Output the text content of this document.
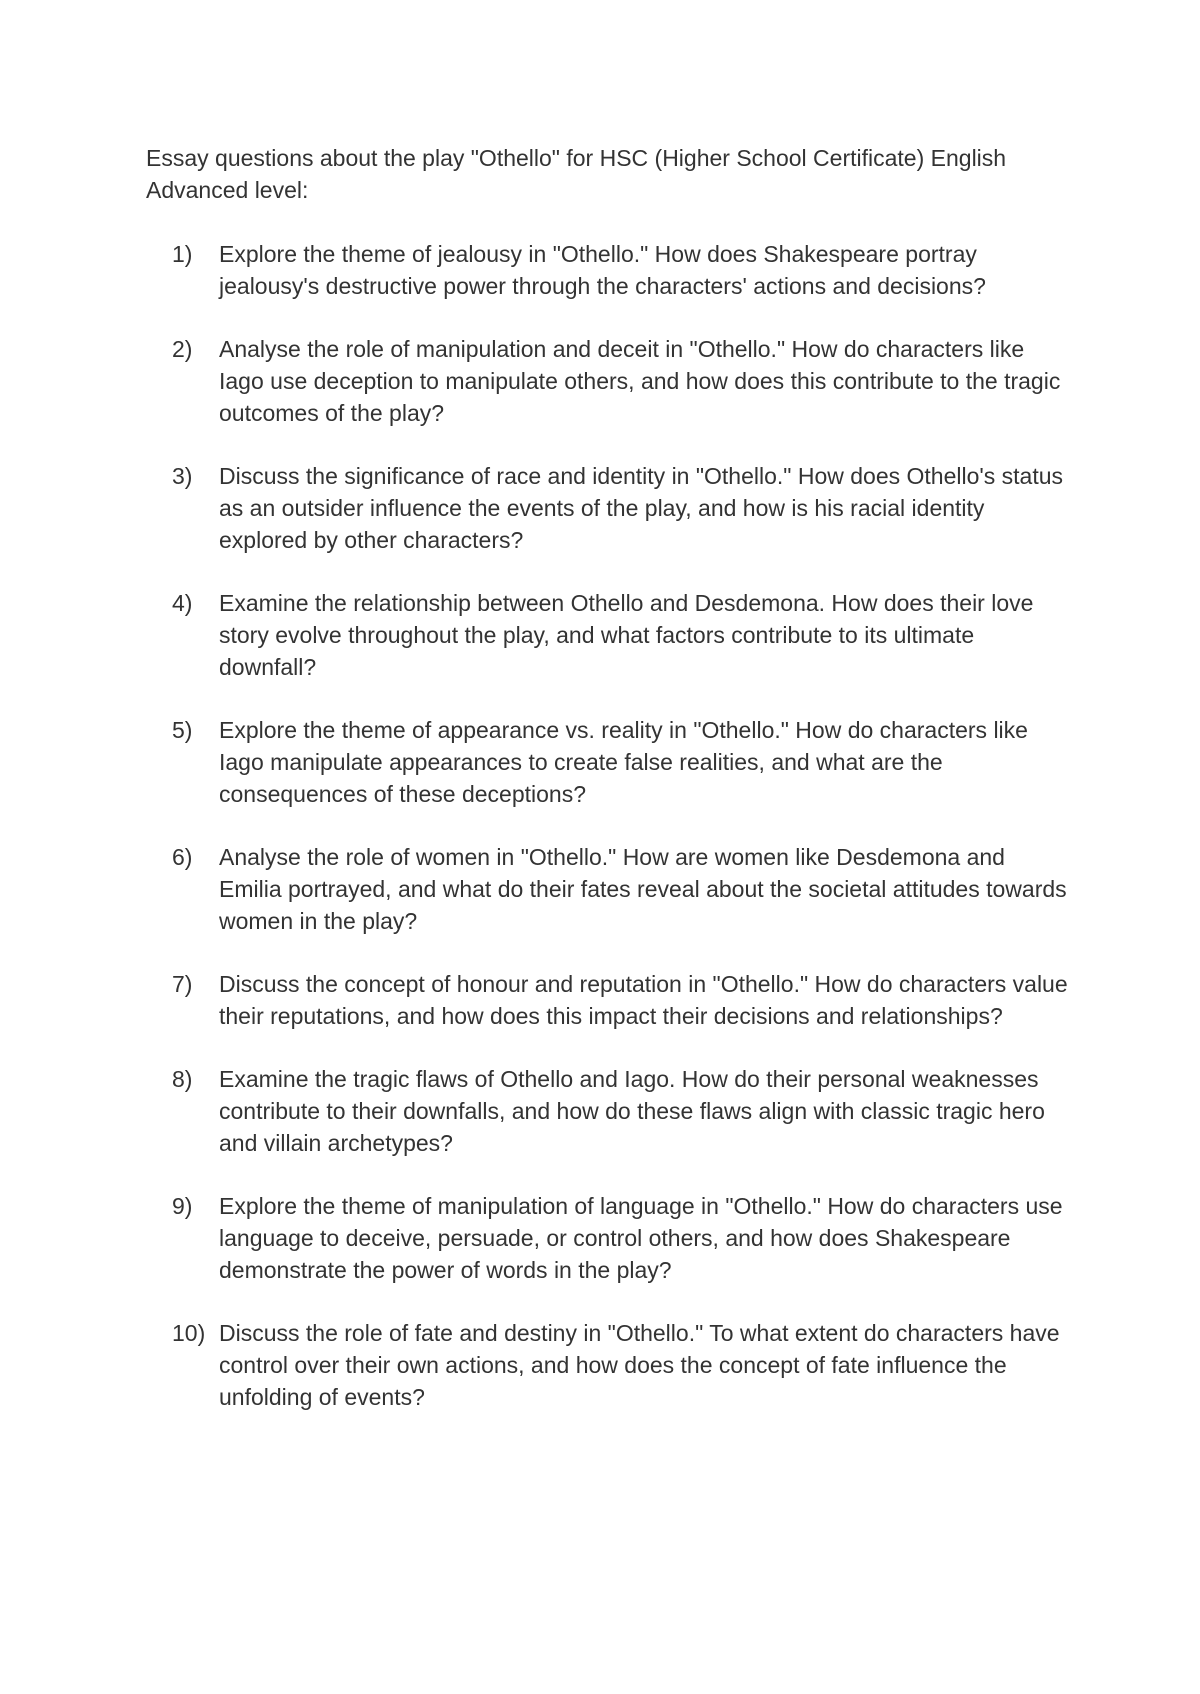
Essay questions about the play "Othello" for HSC (Higher School Certificate) English Advanced level:

1)	Explore the theme of jealousy in "Othello." How does Shakespeare portray jealousy's destructive power through the characters' actions and decisions?
2)	Analyse the role of manipulation and deceit in "Othello." How do characters like Iago use deception to manipulate others, and how does this contribute to the tragic outcomes of the play?
3)	Discuss the significance of race and identity in "Othello." How does Othello's status as an outsider influence the events of the play, and how is his racial identity explored by other characters?
4)	Examine the relationship between Othello and Desdemona. How does their love story evolve throughout the play, and what factors contribute to its ultimate downfall?
5)	Explore the theme of appearance vs. reality in "Othello." How do characters like Iago manipulate appearances to create false realities, and what are the consequences of these deceptions?
6)	Analyse the role of women in "Othello." How are women like Desdemona and Emilia portrayed, and what do their fates reveal about the societal attitudes towards women in the play?
7)	Discuss the concept of honour and reputation in "Othello." How do characters value their reputations, and how does this impact their decisions and relationships?
8)	Examine the tragic flaws of Othello and Iago. How do their personal weaknesses contribute to their downfalls, and how do these flaws align with classic tragic hero and villain archetypes?
9)	Explore the theme of manipulation of language in "Othello." How do characters use language to deceive, persuade, or control others, and how does Shakespeare demonstrate the power of words in the play?
10) Discuss the role of fate and destiny in "Othello." To what extent do characters have control over their own actions, and how does the concept of fate influence the unfolding of events?
